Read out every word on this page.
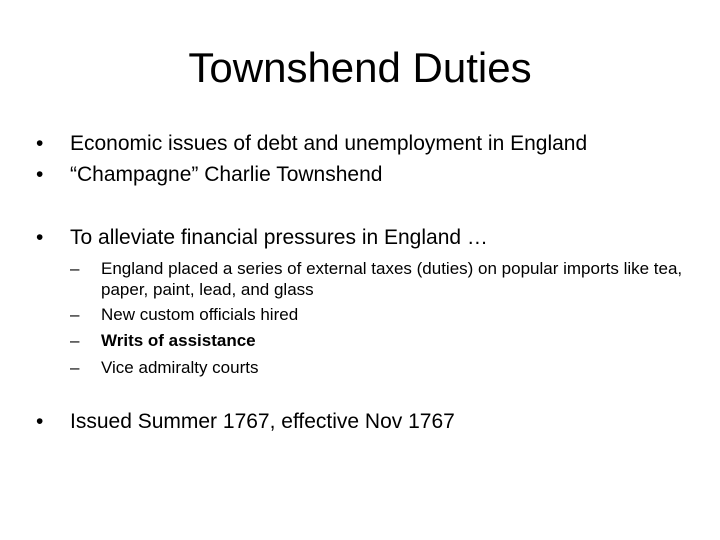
Townshend Duties
• Economic issues of debt and unemployment in England
• “Champagne” Charlie Townshend
• To alleviate financial pressures in England …
– England placed a series of external taxes (duties) on popular imports like tea, paper, paint, lead, and glass
– New custom officials hired
– Writs of assistance
– Vice admiralty courts
• Issued Summer 1767, effective Nov 1767
